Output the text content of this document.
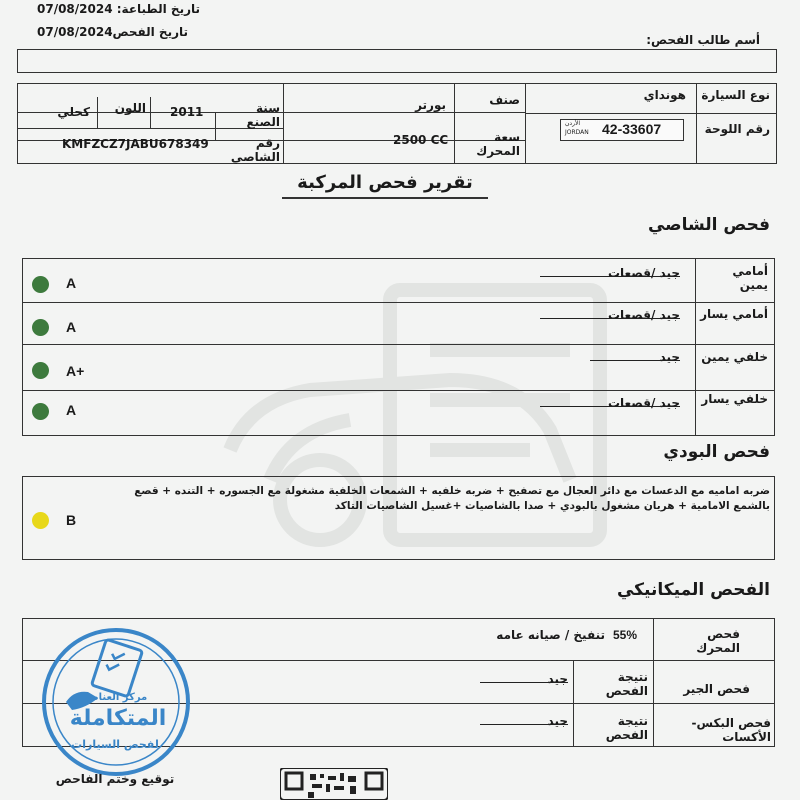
تاريخ الطباعة:
07/08/2024
تاريخ الفحص:
07/08/2024
أسم طالب الفحص:
نوع السيارة
هونداي
صنف
بورتر
سنة الصنع
2011
اللون
كحلي
رقم اللوحة
42-33607
الأردن
JORDAN
سعة المحرك
2500 CC
رقم الشاصي
KMFZCZ7JABU678349
تقرير فحص المركبة
فحص الشاصي
أمامي يمين
جيد /قصعات
A
أمامي يسار
جيد /قصعات
A
خلفي يمين
جيد
A+
خلفي يسار
جيد /قصعات
A
فحص البودي
ضربه اماميه مع الدعسات مع دائر العجال مع تصفيح + ضربه خلفيه + الشمعات الخلفية مشغولة مع الجسوره + التنده + قصع بالشمع الامامية + هريان مشغول بالبودي + صدا بالشاصيات +غسيل الشاصيات التاكد
B
الفحص الميكانيكي
فحص المحرك
55%
تنفيخ / صيانه عامه
فحص الجير
نتيجة الفحص
جيد
فحص البكس-الأكسات
نتيجة الفحص
جيد
مركز العناصر
المتكاملة
لفحص السيارات
توقيع وختم الفاحص
